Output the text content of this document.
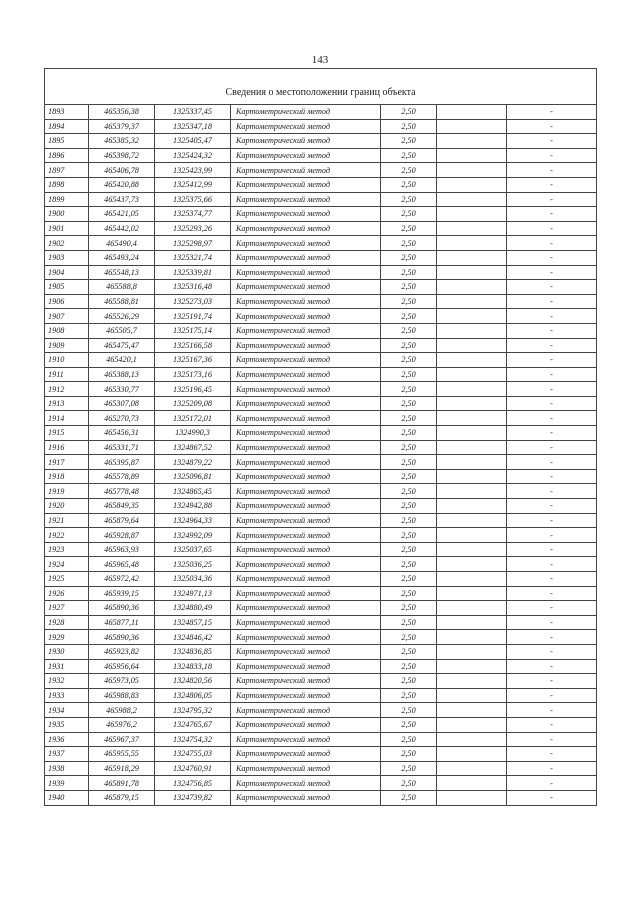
143
Сведения о местоположении границ объекта						
1893	465356,38	1325337,45	Картометрический метод	2,50		-
1894	465379,37	1325347,18	Картометрический метод	2,50		-
1895	465385,32	1325405,47	Картометрический метод	2,50		-
1896	465398,72	1325424,32	Картометрический метод	2,50		-
1897	465406,78	1325423,99	Картометрический метод	2,50		-
1898	465420,88	1325412,99	Картометрический метод	2,50		-
1899	465437,73	1325375,66	Картометрический метод	2,50		-
1900	465421,05	1325374,77	Картометрический метод	2,50		-
1901	465442,02	1325293,26	Картометрический метод	2,50		-
1902	465490,4	1325298,97	Картометрический метод	2,50		-
1903	465493,24	1325321,74	Картометрический метод	2,50		-
1904	465548,13	1325339,81	Картометрический метод	2,50		-
1905	465588,8	1325316,48	Картометрический метод	2,50		-
1906	465588,81	1325273,03	Картометрический метод	2,50		-
1907	465526,29	1325191,74	Картометрический метод	2,50		-
1908	465505,7	1325175,14	Картометрический метод	2,50		-
1909	465475,47	1325166,58	Картометрический метод	2,50		-
1910	465420,1	1325167,36	Картометрический метод	2,50		-
1911	465388,13	1325173,16	Картометрический метод	2,50		-
1912	465330,77	1325196,45	Картометрический метод	2,50		-
1913	465307,08	1325209,08	Картометрический метод	2,50		-
1914	465270,73	1325172,01	Картометрический метод	2,50		-
1915	465456,31	1324990,3	Картометрический метод	2,50		-
1916	465331,71	1324867,52	Картометрический метод	2,50		-
1917	465395,87	1324879,22	Картометрический метод	2,50		-
1918	465578,89	1325096,81	Картометрический метод	2,50		-
1919	465778,48	1324865,45	Картометрический метод	2,50		-
1920	465849,35	1324942,88	Картометрический метод	2,50		-
1921	465879,64	1324964,33	Картометрический метод	2,50		-
1922	465928,87	1324992,09	Картометрический метод	2,50		-
1923	465963,93	1325037,65	Картометрический метод	2,50		-
1924	465965,48	1325036,25	Картометрический метод	2,50		-
1925	465972,42	1325034,36	Картометрический метод	2,50		-
1926	465939,15	1324971,13	Картометрический метод	2,50		-
1927	465890,36	1324880,49	Картометрический метод	2,50		-
1928	465877,11	1324857,15	Картометрический метод	2,50		-
1929	465890,36	1324846,42	Картометрический метод	2,50		-
1930	465923,82	1324836,85	Картометрический метод	2,50		-
1931	465956,64	1324833,18	Картометрический метод	2,50		-
1932	465973,05	1324820,56	Картометрический метод	2,50		-
1933	465988,83	1324806,05	Картометрический метод	2,50		-
1934	465988,2	1324795,32	Картометрический метод	2,50		-
1935	465976,2	1324765,67	Картометрический метод	2,50		-
1936	465967,37	1324754,32	Картометрический метод	2,50		-
1937	465955,55	1324755,03	Картометрический метод	2,50		-
1938	465918,29	1324760,91	Картометрический метод	2,50		-
1939	465891,78	1324756,85	Картометрический метод	2,50		-
1940	465879,15	1324739,82	Картометрический метод	2,50		-
